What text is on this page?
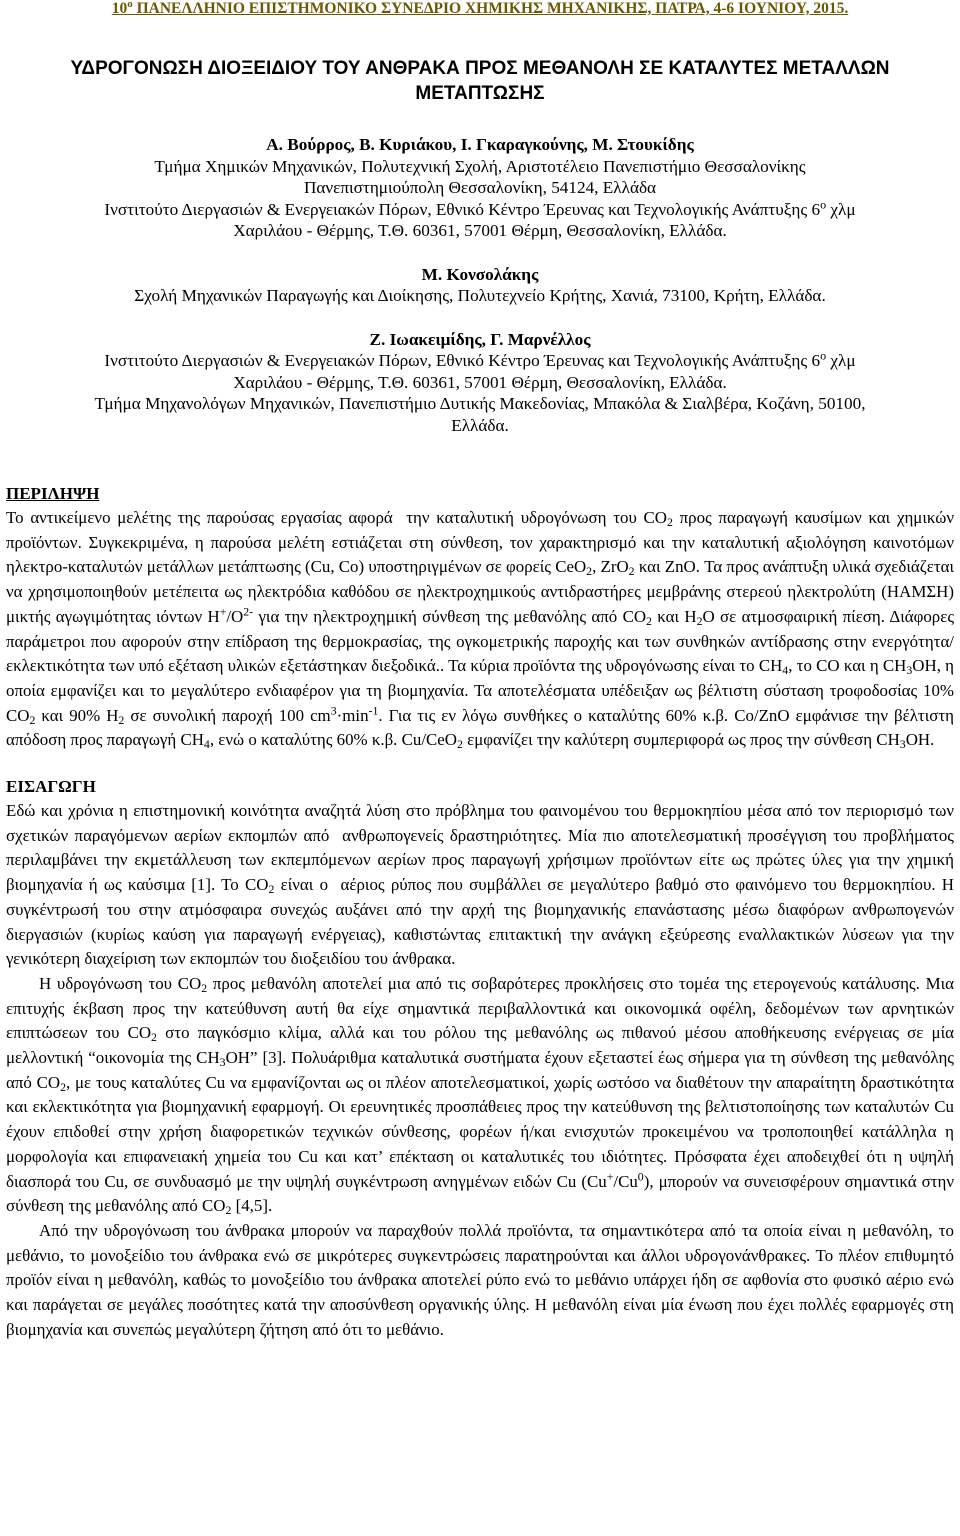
$10^o$ ΠΑΝΕΛΛΗΝΙΟ ΕΠΙΣΤΗΜΟΝΙΚΟ ΣΥΝΕΔΡΙΟ ΧΗΜΙΚΗΣ ΜΗΧΑΝΙΚΗΣ, ΠΑΤΡΑ, 4-6 ΙΟΥΝΙΟΥ, 2015.
ΥΔΡΟΓΟΝΩΣΗ ΔΙΟΞΕΙΔΙΟΥ ΤΟΥ ΑΝΘΡΑΚΑ ΠΡΟΣ ΜΕΘΑΝΟΛΗ ΣΕ ΚΑΤΑΛΥΤΕΣ ΜΕΤΑΛΛΩΝ
ΜΕΤΑΠΤΩΣΗΣ
Α. Βούρρος, Β. Κυριάκου, Ι. Γκαραγκούνης, Μ. Στουκίδης
Τμήμα Χημικών Μηχανικών, Πολυτεχνική Σχολή, Αριστοτέλειο Πανεπιστήμιο Θεσσαλονίκης
Πανεπιστημιούπολη Θεσσαλονίκη, 54124, Ελλάδα
Ινστιτούτο Διεργασιών & Ενεργειακών Πόρων, Εθνικό Κέντρο Έρευνας και Τεχνολογικής Ανάπτυξης $6^o$ χλμ
Χαριλάου - Θέρμης, Τ.Θ. 60361, 57001 Θέρμη, Θεσσαλονίκη, Ελλάδα.
Μ. Κονσολάκης
Σχολή Μηχανικών Παραγωγής και Διοίκησης, Πολυτεχνείο Κρήτης, Χανιά, 73100, Κρήτη, Ελλάδα.
Ζ. Ιωακειμίδης, Γ. Μαρνέλλος
Ινστιτούτο Διεργασιών & Ενεργειακών Πόρων, Εθνικό Κέντρο Έρευνας και Τεχνολογικής Ανάπτυξης $6^o$ χλμ
Χαριλάου - Θέρμης, Τ.Θ. 60361, 57001 Θέρμη, Θεσσαλονίκη, Ελλάδα.
Τμήμα Μηχανολόγων Μηχανικών, Πανεπιστήμιο Δυτικής Μακεδονίας, Μπακόλα & Σιαλβέρα, Κοζάνη, 50100,
Ελλάδα.
ΠΕΡΙΛΗΨΗ

Το αντικείμενο μελέτης της παρούσας εργασίας αφορά  την καταλυτική υδρογόνωση του $CO_2$ προς παραγωγή καυσίμων και χημικών προϊόντων. Συγκεκριμένα, η παρούσα μελέτη εστιάζεται στη σύνθεση, τον χαρακτηρισμό και την καταλυτική αξιολόγηση καινοτόμων ηλεκτρο-καταλυτών μετάλλων μετάπτωσης (Cu, Co) υποστηριγμένων σε φορείς CeO$_2$, ZrO$_2$ και ZnO. Τα προς ανάπτυξη υλικά σχεδιάζεται να χρησιμοποιηθούν μετέπειτα ως ηλεκτρόδια καθόδου σε ηλεκτροχημικούς αντιδραστήρες μεμβράνης στερεού ηλεκτρολύτη (ΗΑΜΣΗ) μικτής αγωγιμότητας ιόντων $H^+/O^{2-}$ για την ηλεκτροχημική σύνθεση της μεθανόλης από $CO_2$ και $H_2O$ σε ατμοσφαιρική πίεση. Διάφορες παράμετροι που αφορούν στην επίδραση της θερμοκρασίας, της ογκομετρικής παροχής και των συνθηκών αντίδρασης στην ενεργότητα/εκλεκτικότητα των υπό εξέταση υλικών εξετάστηκαν διεξοδικά.. Τα κύρια προϊόντα της υδρογόνωσης είναι το $CH_4$, το CO και η $CH_3OH$, η οποία εμφανίζει και το μεγαλύτερο ενδιαφέρον για τη βιομηχανία. Τα αποτελέσματα υπέδειξαν ως βέλτιστη σύσταση τροφοδοσίας 10% $CO_2$ και 90% $H_2$ σε συνολική παροχή 100 $cm^3\cdot\min^{-1}$. Για τις εν λόγω συνθήκες ο καταλύτης 60% κ.β. Co/ZnO εμφάνισε την βέλτιστη απόδοση προς παραγωγή $CH_4$, ενώ ο καταλύτης 60% κ.β. Cu/CeO$_2$ εμφανίζει την καλύτερη συμπεριφορά ως προς την σύνθεση $CH_3OH$.

ΕΙΣΑΓΩΓΗ

Εδώ και χρόνια η επιστημονική κοινότητα αναζητά λύση στο πρόβλημα του φαινομένου του θερμοκηπίου μέσα από τον περιορισμό των σχετικών παραγόμενων αερίων εκπομπών από  ανθρωπογενείς δραστηριότητες. Μία πιο αποτελεσματική προσέγγιση του προβλήματος περιλαμβάνει την εκμετάλλευση των εκπεμπόμενων αερίων προς παραγωγή χρήσιμων προϊόντων είτε ως πρώτες ύλες για την χημική βιομηχανία ή ως καύσιμα [1]. Το $CO_2$ είναι ο  αέριος ρύπος που συμβάλλει σε μεγαλύτερο βαθμό στο φαινόμενο του θερμοκηπίου. Η συγκέντρωσή του στην ατμόσφαιρα συνεχώς αυξάνει από την αρχή της βιομηχανικής επανάστασης μέσω διαφόρων ανθρωπογενών διεργασιών (κυρίως καύση για παραγωγή ενέργειας), καθιστώντας επιτακτική την ανάγκη εξεύρεσης εναλλακτικών λύσεων για την γενικότερη διαχείριση των εκπομπών του διοξειδίου του άνθρακα.

Η υδρογόνωση του $CO_2$ προς μεθανόλη αποτελεί μια από τις σοβαρότερες προκλήσεις στο τομέα της ετερογενούς κατάλυσης. Μια επιτυχής έκβαση προς την κατεύθυνση αυτή θα είχε σημαντικά περιβαλλοντικά και οικονομικά οφέλη, δεδομένων των αρνητικών επιπτώσεων του $CO_2$ στο παγκόσμιο κλίμα, αλλά και του ρόλου της μεθανόλης ως πιθανού μέσου αποθήκευσης ενέργειας σε μία μελλοντική “οικονομία της $CH_3OH$” [3]. Πολυάριθμα καταλυτικά συστήματα έχουν εξεταστεί έως σήμερα για τη σύνθεση της μεθανόλης από $CO_2$, με τους καταλύτες Cu να εμφανίζονται ως οι πλέον αποτελεσματικοί, χωρίς ωστόσο να διαθέτουν την απαραίτητη δραστικότητα και εκλεκτικότητα για βιομηχανική εφαρμογή. Οι ερευνητικές προσπάθειες προς την κατεύθυνση της βελτιστοποίησης των καταλυτών Cu έχουν επιδοθεί στην χρήση διαφορετικών τεχνικών σύνθεσης, φορέων ή/και ενισχυτών προκειμένου να τροποποιηθεί κατάλληλα η μορφολογία και επιφανειακή χημεία του Cu και κατ’ επέκταση οι καταλυτικές του ιδιότητες. Πρόσφατα έχει αποδειχθεί ότι η υψηλή διασπορά του Cu, σε συνδυασμό με την υψηλή συγκέντρωση ανηγμένων ειδών Cu (Cu+/Cu$^0$), μπορούν να συνεισφέρουν σημαντικά στην σύνθεση της μεθανόλης από $CO_2$ [4,5].

Από την υδρογόνωση του άνθρακα μπορούν να παραχθούν πολλά προϊόντα, τα σημαντικότερα από τα οποία είναι η μεθανόλη, το μεθάνιο, το μονοξείδιο του άνθρακα ενώ σε μικρότερες συγκεντρώσεις παρατηρούνται και άλλοι υδρογονάνθρακες. Το πλέον επιθυμητό προϊόν είναι η μεθανόλη, καθώς το μονοξείδιο του άνθρακα αποτελεί ρύπο ενώ το μεθάνιο υπάρχει ήδη σε αφθονία στο φυσικό αέριο ενώ και παράγεται σε μεγάλες ποσότητες κατά την αποσύνθεση οργανικής ύλης. Η μεθανόλη είναι μία ένωση που έχει πολλές εφαρμογές στη βιομηχανία και συνεπώς μεγαλύτερη ζήτηση από ότι το μεθάνιο.
